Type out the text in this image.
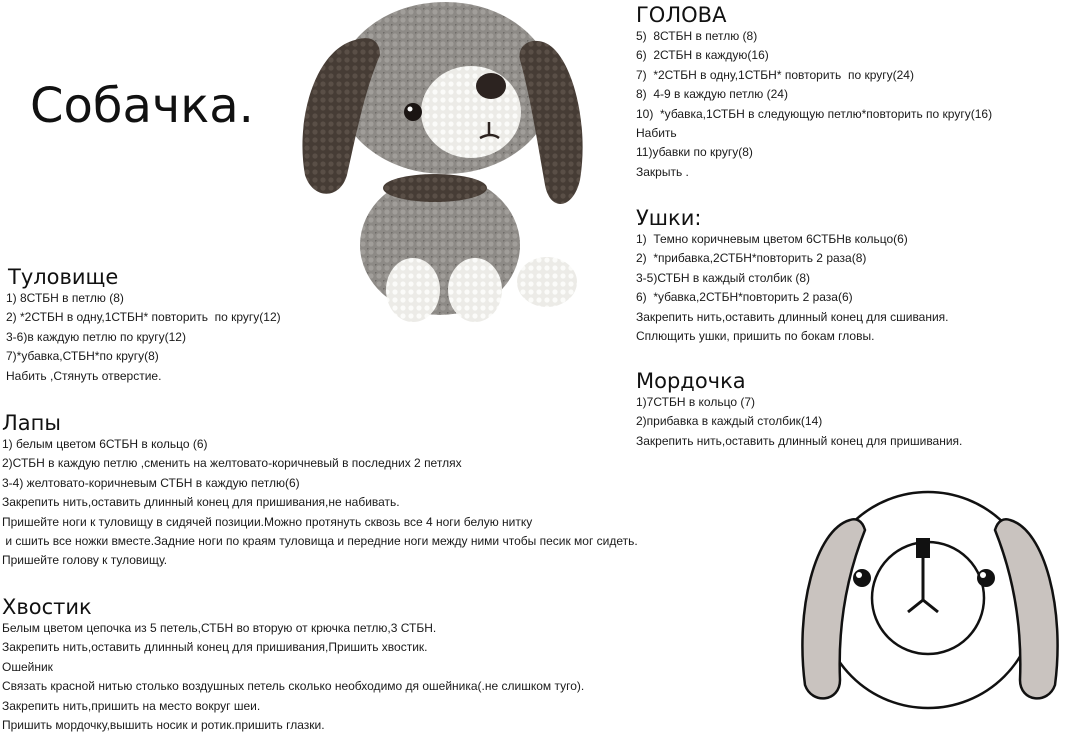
Собачка.
ГОЛОВА
5)  8СТБН в петлю (8)
6)  2СТБН в каждую(16)
7)  *2СТБН в одну,1СТБН* повторить  по кругу(24)
8)  4-9 в каждую петлю (24)
10)  *убавка,1СТБН в следующую петлю*повторить по кругу(16)
Набить
11)убавки по кругу(8)
Закрыть .
Ушки:
1)  Темно коричневым цветом 6СТБНв кольцо(6)
2)  *прибавка,2СТБН*повторить 2 раза(8)
3-5)СТБН в каждый столбик (8)
6)  *убавка,2СТБН*повторить 2 раза(6)
Закрепить нить,оставить длинный конец для сшивания.
Сплющить ушки, пришить по бокам гловы.
Мордочка
1)7СТБН в кольцо (7)
2)прибавка в каждый столбик(14)
Закрепить нить,оставить длинный конец для пришивания.
Туловище
1) 8СТБН в петлю (8)
2) *2СТБН в одну,1СТБН* повторить  по кругу(12)
3-6)в каждую петлю по кругу(12)
7)*убавка,СТБН*по кругу(8)
Набить ,Стянуть отверстие.
Лапы
1) белым цветом 6СТБН в кольцо (6)
2)СТБН в каждую петлю ,сменить на желтовато-коричневый в последних 2 петлях
3-4) желтовато-коричневым СТБН в каждую петлю(6)
Закрепить нить,оставить длинный конец для пришивания,не набивать.
Пришейте ноги к туловищу в сидячей позиции.Можно протянуть сквозь все 4 ноги белую нитку
и сшить все ножки вместе.Задние ноги по краям туловища и передние ноги между ними чтобы песик мог сидеть.
Пришейте голову к туловищу.
Хвостик
Белым цветом цепочка из 5 петель,СТБН во вторую от крючка петлю,3 СТБН.
Закрепить нить,оставить длинный конец для пришивания,Пришить хвостик.
Ошейник
Связать красной нитью столько воздушных петель сколько необходимо дя ошейника(.не слишком туго).
Закрепить нить,пришить на место вокруг шеи.
Пришить мордочку,вышить носик и ротик.пришить глазки.
